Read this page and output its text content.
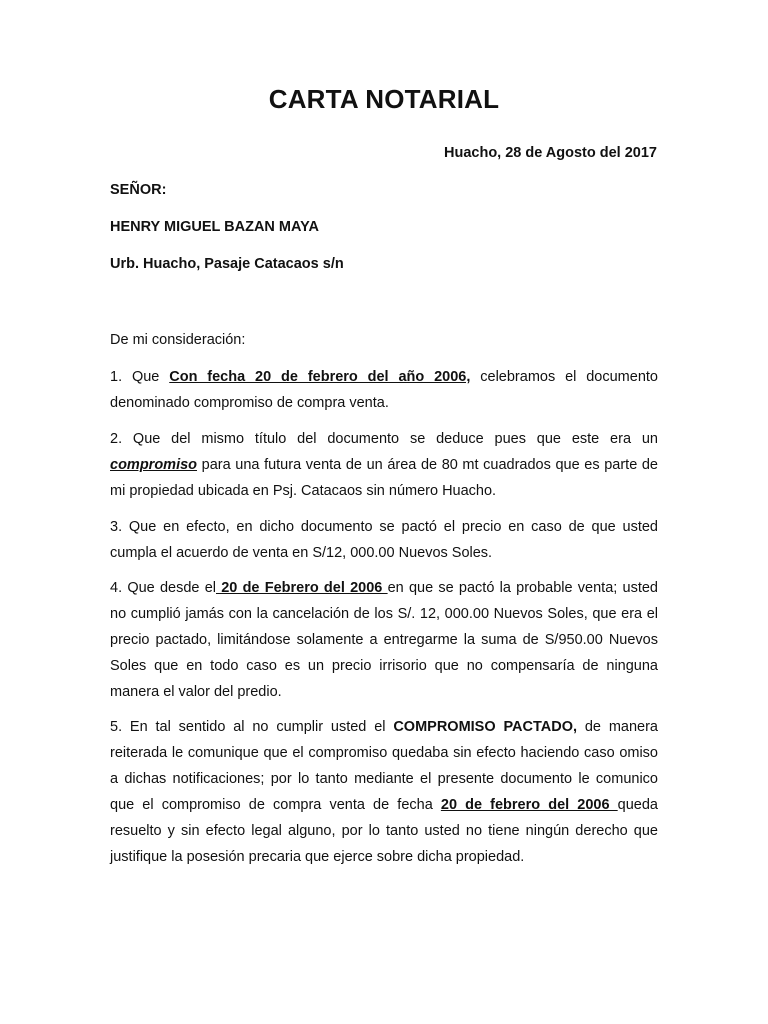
CARTA NOTARIAL
Huacho, 28 de Agosto del 2017
SEÑOR:
HENRY MIGUEL BAZAN MAYA
Urb. Huacho, Pasaje Catacaos s/n
De mi consideración:
1. Que Con fecha 20 de febrero del año 2006, celebramos el documento denominado compromiso de compra venta.
2. Que del mismo título del documento se deduce pues que este era un compromiso para una futura venta de un área de 80 mt cuadrados que es parte de mi propiedad ubicada en Psj. Catacaos sin número Huacho.
3. Que en efecto, en dicho documento se pactó el precio en caso de que usted cumpla el acuerdo de venta en S/12, 000.00 Nuevos Soles.
4. Que desde el 20 de Febrero del 2006 en que se pactó la probable venta; usted no cumplió jamás con la cancelación de los S/. 12, 000.00 Nuevos Soles, que era el precio pactado, limitándose solamente a entregarme la suma de S/950.00 Nuevos Soles que en todo caso es un precio irrisorio que no compensaría de ninguna manera el valor del predio.
5. En tal sentido al no cumplir usted el COMPROMISO PACTADO, de manera reiterada le comunique que el compromiso quedaba sin efecto haciendo caso omiso a dichas notificaciones; por lo tanto mediante el presente documento le comunico que el compromiso de compra venta de fecha 20 de febrero del 2006 queda resuelto y sin efecto legal alguno, por lo tanto usted no tiene ningún derecho que justifique la posesión precaria que ejerce sobre dicha propiedad.
